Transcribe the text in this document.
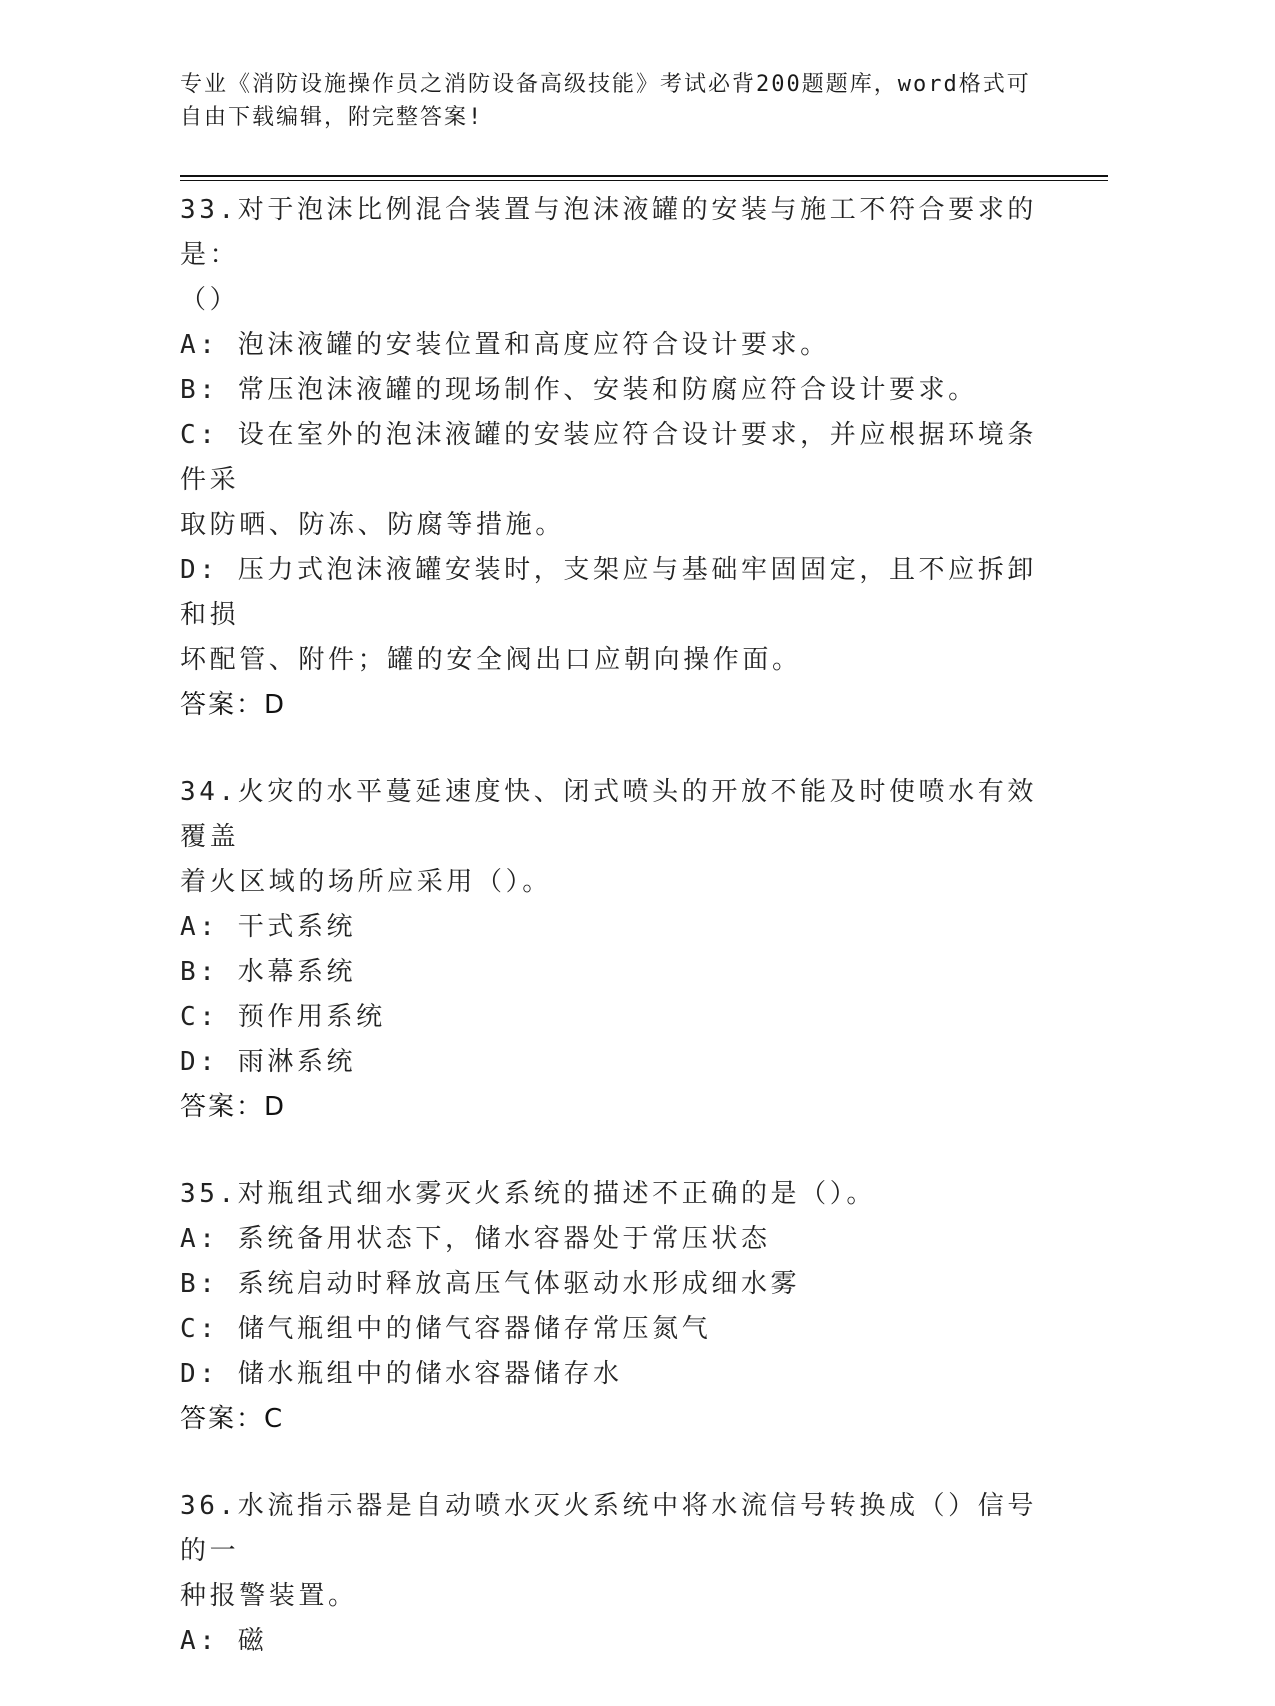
专业《消防设施操作员之消防设备高级技能》考试必背200题题库，word格式可
自由下载编辑，附完整答案!
33.对于泡沫比例混合装置与泡沫液罐的安装与施工不符合要求的是：
（）
A: 泡沫液罐的安装位置和高度应符合设计要求。
B: 常压泡沫液罐的现场制作、安装和防腐应符合设计要求。
C: 设在室外的泡沫液罐的安装应符合设计要求，并应根据环境条件采
取防晒、防冻、防腐等措施。
D: 压力式泡沫液罐安装时，支架应与基础牢固固定，且不应拆卸和损
坏配管、附件；罐的安全阀出口应朝向操作面。
答案：D
34.火灾的水平蔓延速度快、闭式喷头的开放不能及时使喷水有效覆盖
着火区域的场所应采用（）。
A: 干式系统
B: 水幕系统
C: 预作用系统
D: 雨淋系统
答案：D
35.对瓶组式细水雾灭火系统的描述不正确的是（）。
A: 系统备用状态下，储水容器处于常压状态
B: 系统启动时释放高压气体驱动水形成细水雾
C: 储气瓶组中的储气容器储存常压氮气
D: 储水瓶组中的储水容器储存水
答案：C
36.水流指示器是自动喷水灭火系统中将水流信号转换成（）信号的一
种报警装置。
A: 磁
